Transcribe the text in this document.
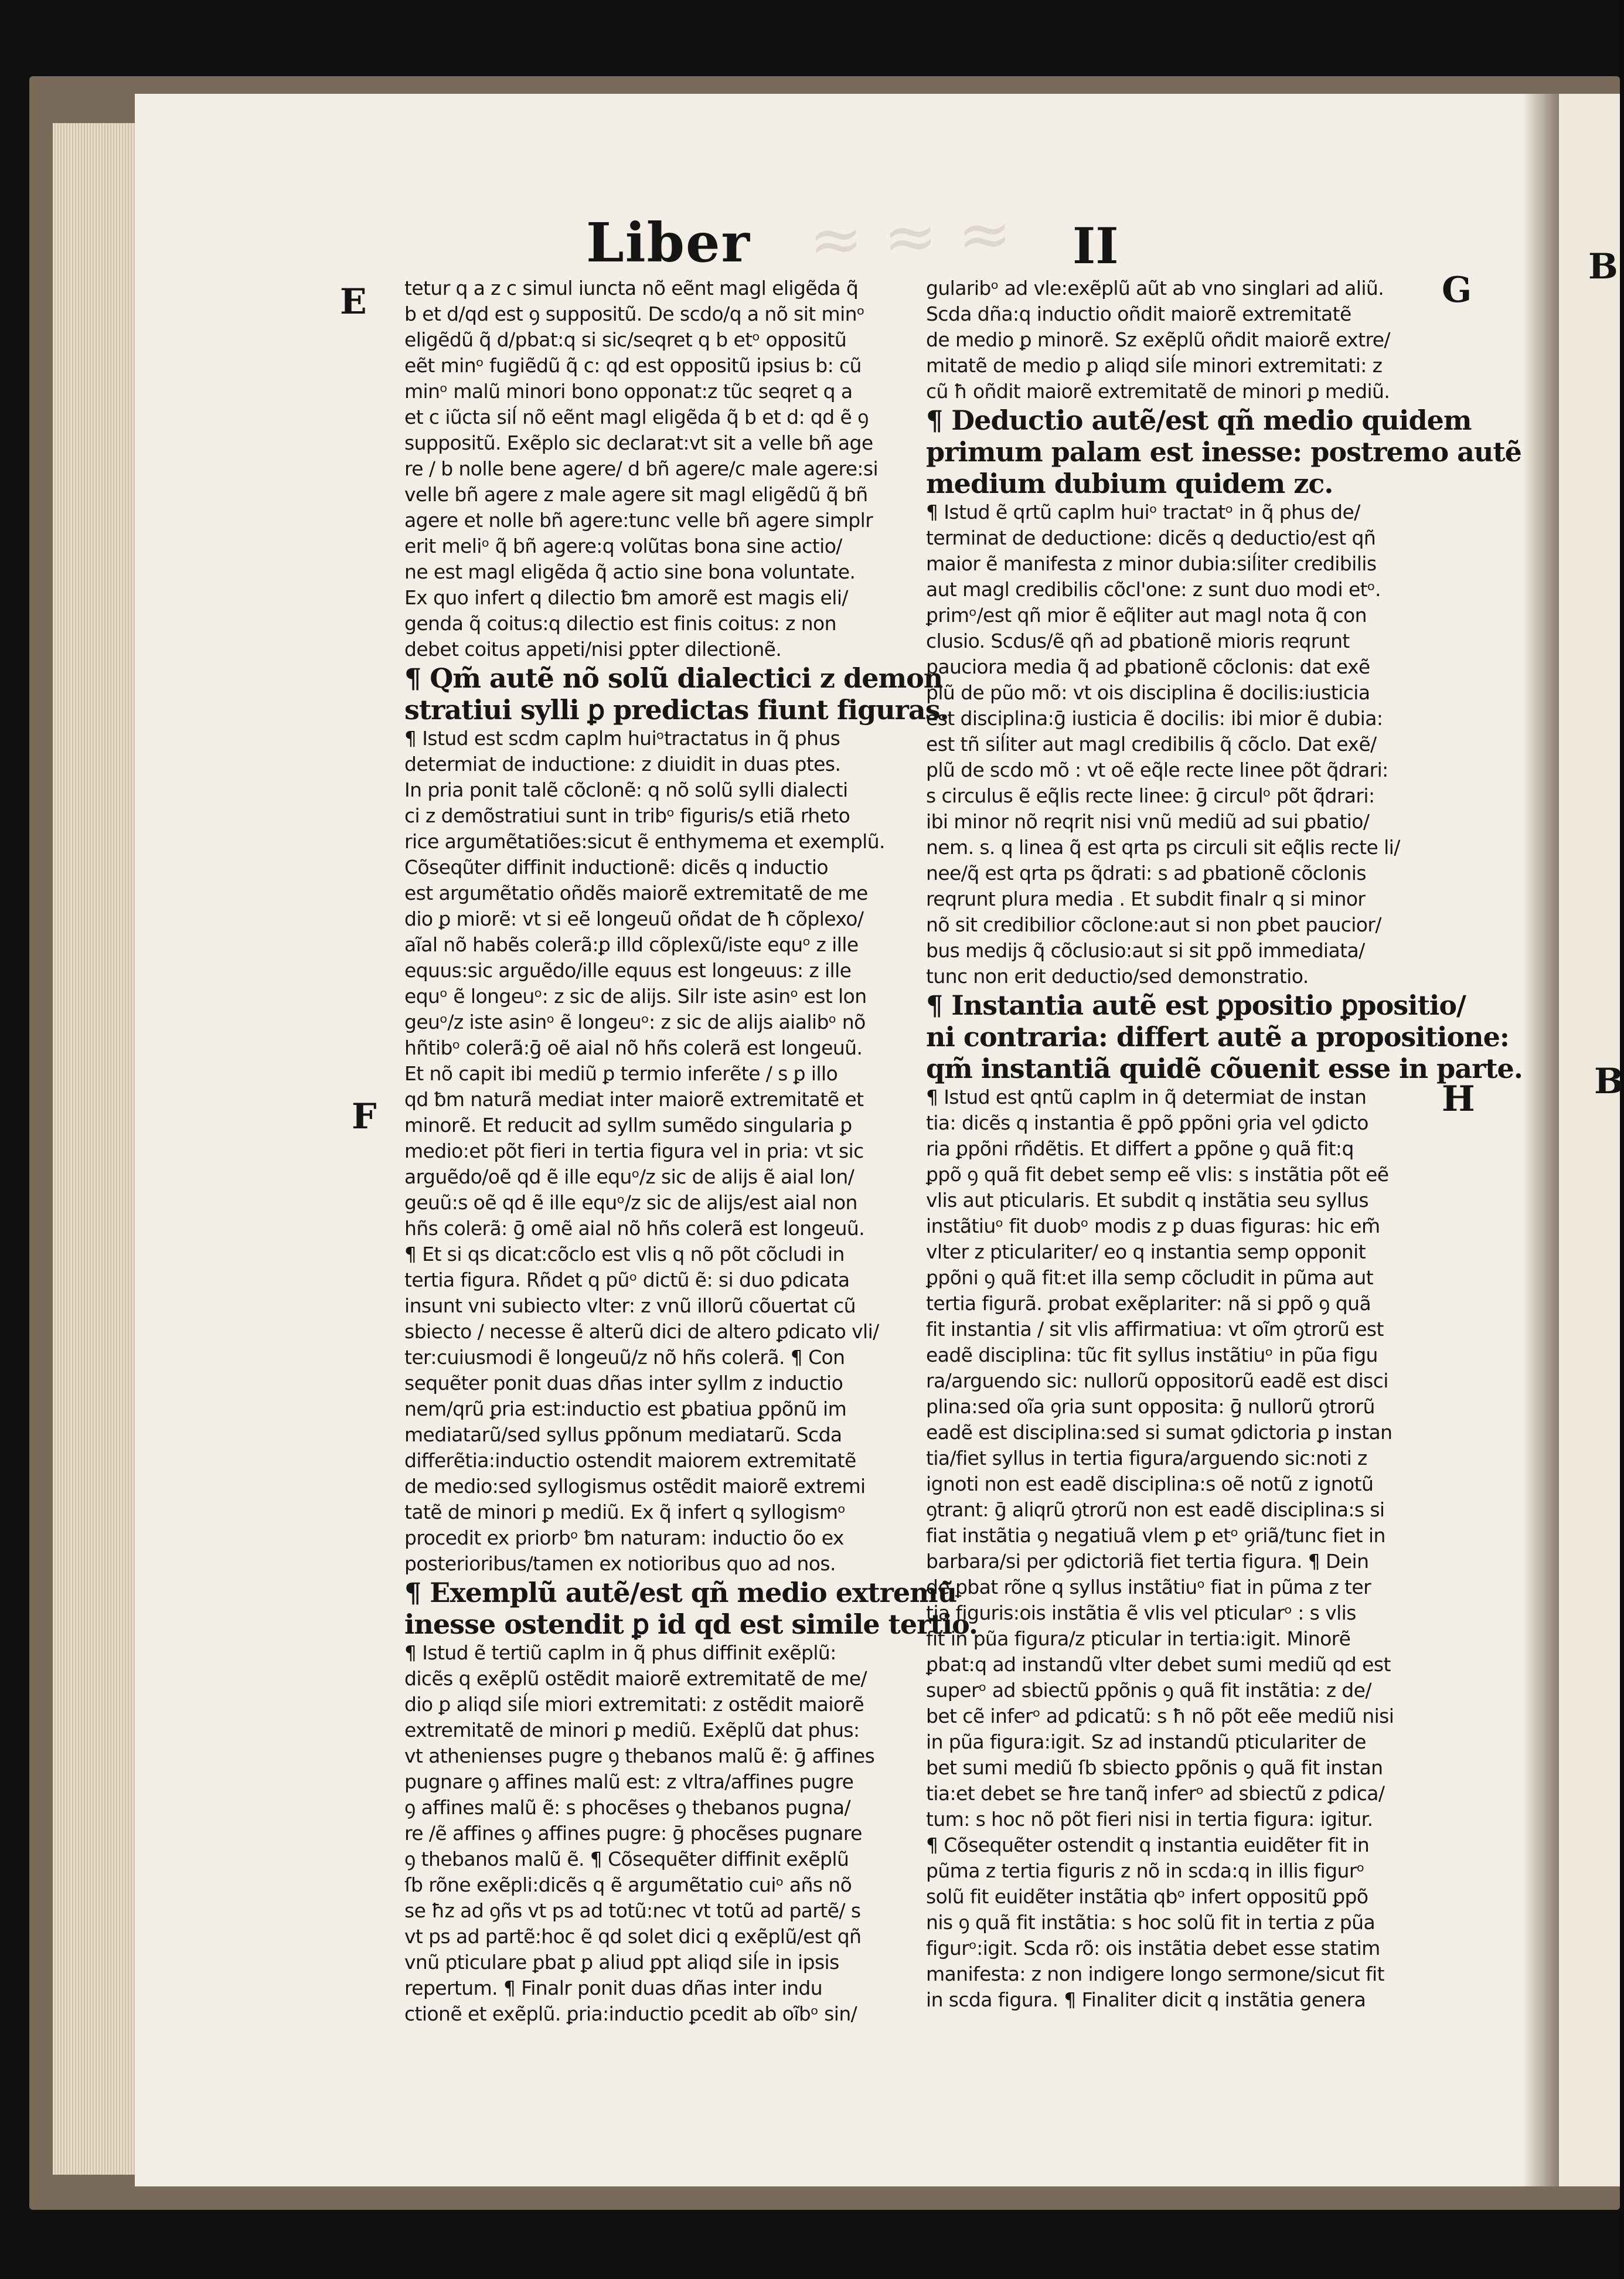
≈ ≈ ≈
Liber	II
E
F
G
H
B
B
tetur q a z c simul iuncta nõ eẽnt magl eligẽda q̃
b et d/qd est ꝯ suppositũ. De scdo/q a nõ sit minᵒ
eligẽdũ q̃ d/pbat:q si sic/seqret q b etᵒ oppositũ
eẽt minᵒ fugiẽdũ q̃ c: qd est oppositũ ipsius b: cũ
minᵒ malũ minori bono opponat:z tũc seqret q a
et c iũcta siĺ nõ eẽnt magl eligẽda q̃ b et d: qd ẽ ꝯ
suppositũ. Exẽplo sic declarat:vt sit a velle bñ age
re / b nolle bene agere/ d bñ agere/c male agere:si
velle bñ agere z male agere sit magl eligẽdũ q̃ bñ
agere et nolle bñ agere:tunc velle bñ agere simplr
erit meliᵒ q̃ bñ agere:q volũtas bona sine actio/
ne est magl eligẽda q̃ actio sine bona voluntate.
Ex quo infert q dilectio ƀm amorẽ est magis eli/
genda q̃ coitus:q dilectio est finis coitus: z non
debet coitus appeti/nisi ꝑpter dilectionẽ.
¶ Qm̃ autẽ nõ solũ dialectici z demon
stratiui sylli ꝑ predictas fiunt figuras.
¶ Istud est scdm caplm huiᵒtractatus in q̃ phus
determiat de inductione: z diuidit in duas ptes.
In pria ponit talẽ cõclonẽ: q nõ solũ sylli dialecti
ci z demõstratiui sunt in tribᵒ figuris/s etiã rheto
rice argumẽtatiões:sicut ẽ enthymema et exemplũ.
Cõseqũter diffinit inductionẽ: dicẽs q inductio
est argumẽtatio oñdẽs maiorẽ extremitatẽ de me
dio ꝑ miorẽ: vt si eẽ longeuũ oñdat de ħ cõplexo/
aĩal nõ habẽs colerã:ꝑ illd cõplexũ/iste equᵒ z ille
equus:sic arguẽdo/ille equus est longeuus: z ille
equᵒ ẽ longeuᵒ: z sic de alijs. Silr iste asinᵒ est lon
geuᵒ/z iste asinᵒ ẽ longeuᵒ: z sic de alijs aialibᵒ nõ
hñtibᵒ colerã:ḡ oẽ aial nõ hñs colerã est longeuũ.
Et nõ capit ibi mediũ ꝑ termio inferẽte / s ꝑ illo
qd ƀm naturã mediat inter maiorẽ extremitatẽ et
minorẽ. Et reducit ad syllm sumẽdo singularia ꝑ
medio:et põt fieri in tertia figura vel in pria: vt sic
arguẽdo/oẽ qd ẽ ille equᵒ/z sic de alijs ẽ aial lon/
geuũ:s oẽ qd ẽ ille equᵒ/z sic de alijs/est aial non
hñs colerã: ḡ omẽ aial nõ hñs colerã est longeuũ.
¶ Et si qs dicat:cõclo est vlis q nõ põt cõcludi in
tertia figura. Rñdet q pũᵒ dictũ ẽ: si duo ꝑdicata
insunt vni subiecto vlter: z vnũ illorũ cõuertat cũ
sbiecto / necesse ẽ alterũ dici de altero ꝑdicato vli/
ter:cuiusmodi ẽ longeuũ/z nõ hñs colerã. ¶ Con
sequẽter ponit duas dñas inter syllm z inductio
nem/qrũ ꝑria est:inductio est ꝑbatiua ꝑpõnũ im
mediatarũ/sed syllus ꝑpõnum mediatarũ. Scda
differẽtia:inductio ostendit maiorem extremitatẽ
de medio:sed syllogismus ostẽdit maiorẽ extremi
tatẽ de minori ꝑ mediũ. Ex q̃ infert q syllogismᵒ
procedit ex priorbᵒ ƀm naturam: inductio õo ex
posterioribus/tamen ex notioribus quo ad nos.
¶ Exemplũ autẽ/est qñ medio extremũ
inesse ostendit ꝑ id qd est simile tertio.
¶ Istud ẽ tertiũ caplm in q̃ phus diffinit exẽplũ:
dicẽs q exẽplũ ostẽdit maiorẽ extremitatẽ de me/
dio ꝑ aliqd siĺe miori extremitati: z ostẽdit maiorẽ
extremitatẽ de minori ꝑ mediũ. Exẽplũ dat phus:
vt athenienses pugre ꝯ thebanos malũ ẽ: ḡ affines
pugnare ꝯ affines malũ est: z vltra/affines pugre
ꝯ affines malũ ẽ: s phocẽses ꝯ thebanos pugna/
re /ẽ affines ꝯ affines pugre: ḡ phocẽses pugnare
ꝯ thebanos malũ ẽ. ¶ Cõsequẽter diffinit exẽplũ
ſb rõne exẽpli:dicẽs q ẽ argumẽtatio cuiᵒ añs nõ
se ħz ad ꝯñs vt ps ad totũ:nec vt totũ ad partẽ/ s
vt ps ad partẽ:hoc ẽ qd solet dici q exẽplũ/est qñ
vnũ pticulare ꝑbat ꝑ aliud ꝑpt aliqd siĺe in ipsis
repertum. ¶ Finalr ponit duas dñas inter indu
ctionẽ et exẽplũ. ꝑria:inductio ꝑcedit ab oĩbᵒ sin/
gularibᵒ ad vle:exẽplũ aũt ab vno singlari ad aliũ.
Scda dña:q inductio oñdit maiorẽ extremitatẽ
de medio ꝑ minorẽ. Sz exẽplũ oñdit maiorẽ extre/
mitatẽ de medio ꝑ aliqd siĺe minori extremitati: z
cũ ħ oñdit maiorẽ extremitatẽ de minori ꝑ mediũ.
¶ Deductio autẽ/est qñ medio quidem
primum palam est inesse: postremo autẽ
medium dubium quidem zc.
¶ Istud ẽ qrtũ caplm huiᵒ tractatᵒ in q̃ phus de/
terminat de deductione: dicẽs q deductio/est qñ
maior ẽ manifesta z minor dubia:siĺiter credibilis
aut magl credibilis cõcl'one: z sunt duo modi etᵒ.
ꝑrimᵒ/est qñ mior ẽ eq̃liter aut magl nota q̃ con
clusio. Scdus/ẽ qñ ad ꝑbationẽ mioris reqrunt
pauciora media q̃ ad ꝑbationẽ cõclonis: dat exẽ
plũ de pũo mõ: vt ois disciplina ẽ docilis:iusticia
est disciplina:ḡ iusticia ẽ docilis: ibi mior ẽ dubia:
est tñ siĺiter aut magl credibilis q̃ cõclo. Dat exẽ/
plũ de scdo mõ : vt oẽ eq̃le recte linee põt q̃drari:
s circulus ẽ eq̃lis recte linee: ḡ circulᵒ põt q̃drari:
ibi minor nõ reqrit nisi vnũ mediũ ad sui ꝑbatio/
nem. s. q linea q̃ est qrta ps circuli sit eq̃lis recte li/
nee/q̃ est qrta ps q̃drati: s ad ꝑbationẽ cõclonis
reqrunt plura media . Et subdit finalr q si minor
nõ sit credibilior cõclone:aut si non ꝑbet paucior/
bus medijs q̃ cõclusio:aut si sit ꝑpõ immediata/
tunc non erit deductio/sed demonstratio.
¶ Instantia autẽ est ꝑpositio ꝑpositio/
ni contraria: differt autẽ a propositione:
qm̃ instantiã quidẽ cõuenit esse in parte.
¶ Istud est qntũ caplm in q̃ determiat de instan
tia: dicẽs q instantia ẽ ꝑpõ ꝑpõni ꝯria vel ꝯdicto
ria ꝑpõni rñdẽtis. Et differt a ꝑpõne ꝯ quã fit:q
ꝑpõ ꝯ quã fit debet semp eẽ vlis: s instãtia põt eẽ
vlis aut pticularis. Et subdit q instãtia seu syllus
instãtiuᵒ fit duobᵒ modis z ꝑ duas figuras: hic em̃
vlter z pticulariter/ eo q instantia semp opponit
ꝑpõni ꝯ quã fit:et illa semp cõcludit in pũma aut
tertia figurã. ꝑrobat exẽplariter: nã si ꝑpõ ꝯ quã
fit instantia / sit vlis affirmatiua: vt oĩm ꝯtrorũ est
eadẽ disciplina: tũc fit syllus instãtiuᵒ in pũa figu
ra/arguendo sic: nullorũ oppositorũ eadẽ est disci
plina:sed oĩa ꝯria sunt opposita: ḡ nullorũ ꝯtrorũ
eadẽ est disciplina:sed si sumat ꝯdictoria ꝑ instan
tia/fiet syllus in tertia figura/arguendo sic:noti z
ignoti non est eadẽ disciplina:s oẽ notũ z ignotũ
ꝯtrant: ḡ aliqrũ ꝯtrorũ non est eadẽ disciplina:s si
fiat instãtia ꝯ negatiuã vlem ꝑ etᵒ ꝯriã/tunc fiet in
barbara/si per ꝯdictoriã fiet tertia figura. ¶ Dein
de ꝑbat rõne q syllus instãtiuᵒ fiat in pũma z ter
tia figuris:ois instãtia ẽ vlis vel pticularᵒ : s vlis
fit in pũa figura/z pticular in tertia:igit. Minorẽ
ꝑbat:q ad instandũ vlter debet sumi mediũ qd est
superᵒ ad sbiectũ ꝑpõnis ꝯ quã fit instãtia: z de/
bet cẽ inferᵒ ad ꝑdicatũ: s ħ nõ põt eẽe mediũ nisi
in pũa figura:igit. Sz ad instandũ pticulariter de
bet sumi mediũ ſb sbiecto ꝑpõnis ꝯ quã fit instan
tia:et debet se ħre tanq̃ inferᵒ ad sbiectũ z ꝑdica/
tum: s hoc nõ põt fieri nisi in tertia figura: igitur.
¶ Cõsequẽter ostendit q instantia euidẽter fit in
pũma z tertia figuris z nõ in scda:q in illis figurᵒ
solũ fit euidẽter instãtia qbᵒ infert oppositũ ꝑpõ
nis ꝯ quã fit instãtia: s hoc solũ fit in tertia z pũa
figurᵒ:igit. Scda rõ: ois instãtia debet esse statim
manifesta: z non indigere longo sermone/sicut fit
in scda figura. ¶ Finaliter dicit q instãtia genera
